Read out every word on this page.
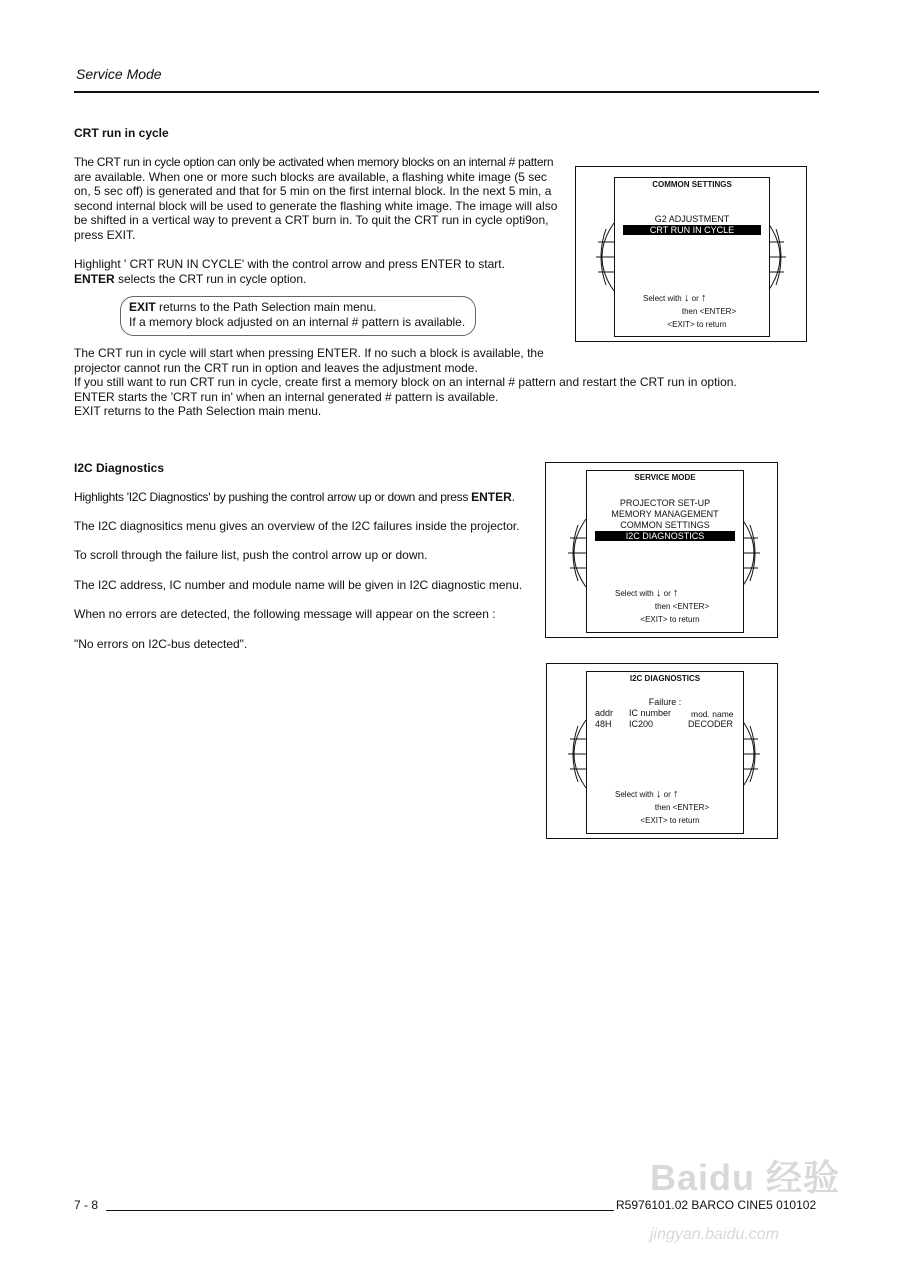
Service Mode
CRT run in cycle
The CRT run in cycle option can only be activated when memory blocks on an internal # pattern
are available. When one or more such blocks are available, a flashing white image (5 sec
on, 5 sec off) is generated and that for 5 min on the first internal block. In the next 5 min, a
second internal block will be used to generate the flashing white image. The image will also
be shifted in a vertical way to prevent a CRT burn in. To quit the CRT run in cycle opti9on,
press EXIT.
Highlight ' CRT RUN IN CYCLE' with the control arrow and press ENTER to start.
ENTER selects the CRT run in cycle option.
EXIT returns to the Path Selection main menu.
If a memory block adjusted on an internal # pattern is available.
The CRT run in cycle will start when pressing ENTER. If no such a block is available, the
projector cannot run the CRT run in option and leaves the adjustment mode.
If you still want to run CRT run in cycle, create first a memory block on an internal # pattern and restart the CRT run in option.
ENTER starts the 'CRT run in' when an internal generated # pattern is available.
EXIT returns to the Path Selection main menu.
COMMON SETTINGS
G2 ADJUSTMENT
CRT RUN IN CYCLE
Select with ↓ or ↑
then <ENTER>
<EXIT> to return
I2C Diagnostics
Highlights 'I2C Diagnostics' by pushing the control arrow up or down and press ENTER.
The I2C diagnositics menu gives an overview of the I2C failures inside the projector.
To scroll through the failure list, push the control arrow up or down.
The I2C address, IC number and module name will be given in I2C diagnostic menu.
When no errors are detected, the following message will appear on the screen :
"No errors on I2C-bus detected".
SERVICE MODE
PROJECTOR SET-UP
MEMORY MANAGEMENT
COMMON SETTINGS
I2C DIAGNOSTICS
Select with ↓ or ↑
then <ENTER>
<EXIT> to return
I2C DIAGNOSTICS
Failure :
addr IC number mod. name
48H IC200	DECODER
Select with ↓ or ↑
then <ENTER>
<EXIT> to return
7 - 8	R5976101.02 BARCO CINE5 010102
Baidu 经验
jingyan.baidu.com
